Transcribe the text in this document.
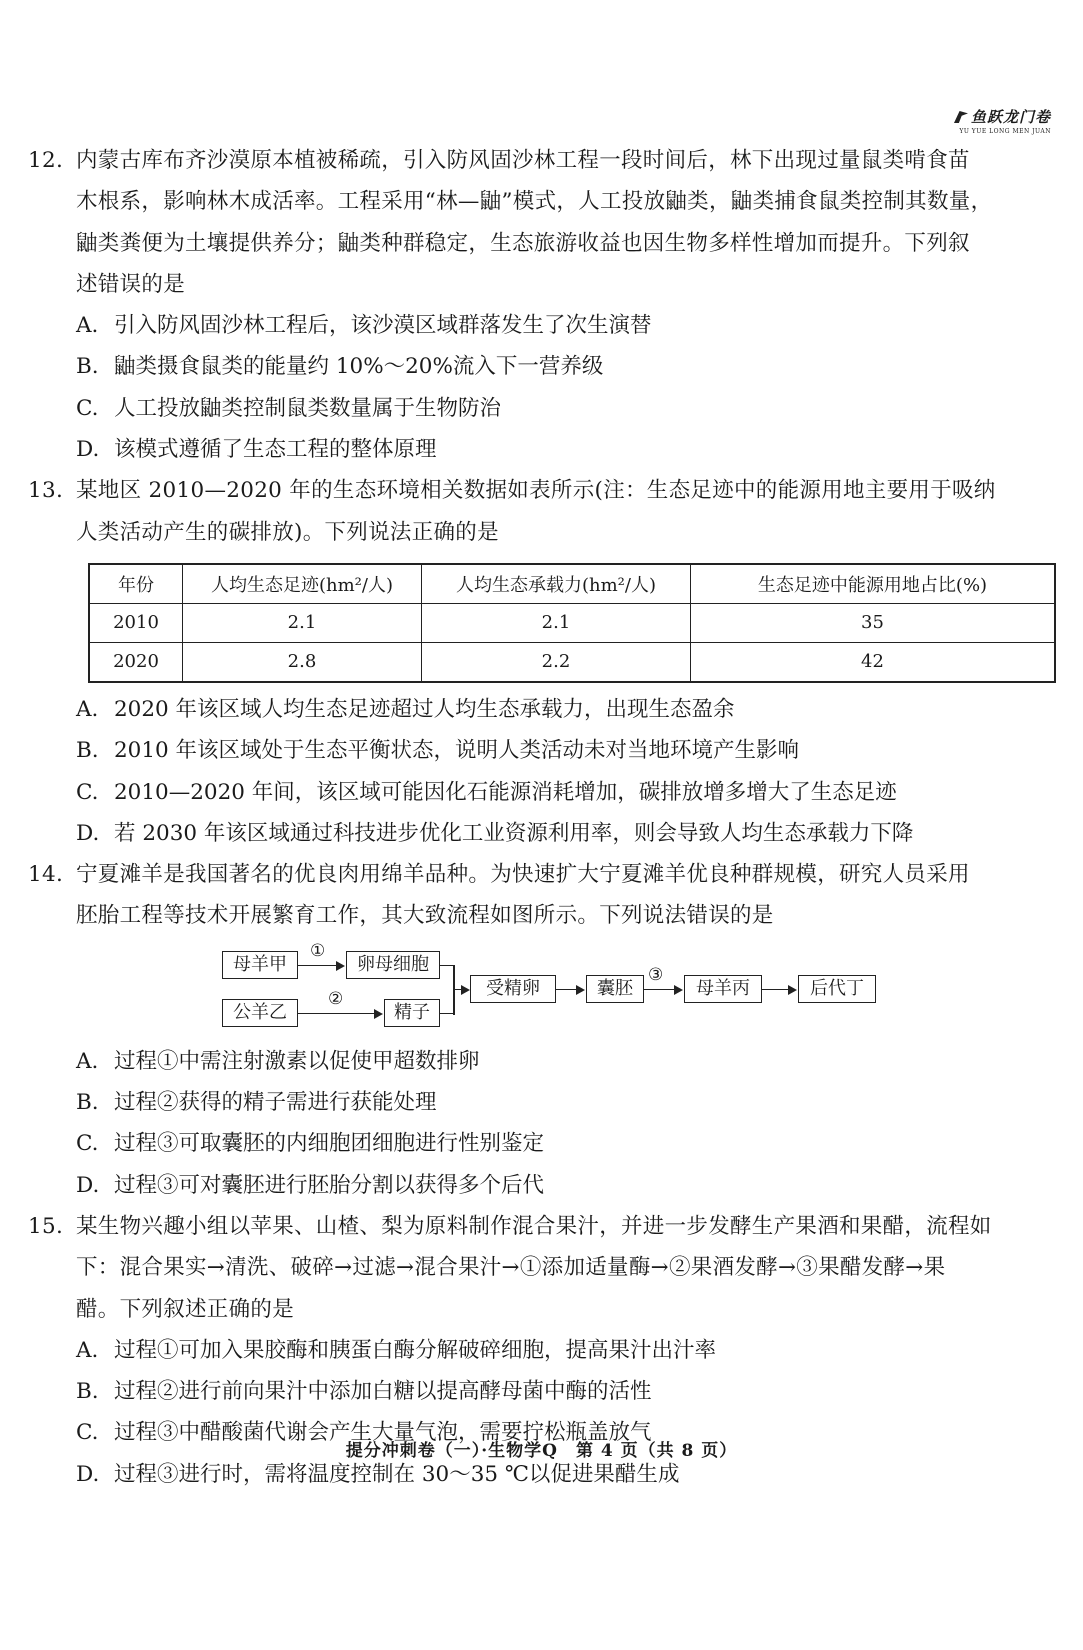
鱼跃龙门卷
YU YUE LONG MEN JUAN
12. 内蒙古库布齐沙漠原本植被稀疏，引入防风固沙林工程一段时间后，林下出现过量鼠类啃食苗
木根系，影响林木成活率。工程采用“林—鼬”模式，人工投放鼬类，鼬类捕食鼠类控制其数量，
鼬类粪便为土壤提供养分；鼬类种群稳定，生态旅游收益也因生物多样性增加而提升。下列叙
述错误的是
A. 引入防风固沙林工程后，该沙漠区域群落发生了次生演替
B. 鼬类摄食鼠类的能量约 10%～20%流入下一营养级
C. 人工投放鼬类控制鼠类数量属于生物防治
D. 该模式遵循了生态工程的整体原理
13. 某地区 2010—2020 年的生态环境相关数据如表所示(注：生态足迹中的能源用地主要用于吸纳
人类活动产生的碳排放)。下列说法正确的是
年份	人均生态足迹(hm²/人)	人均生态承载力(hm²/人)	生态足迹中能源用地占比(%)
2010	2.1	2.1	35
2020	2.8	2.2	42
A. 2020 年该区域人均生态足迹超过人均生态承载力，出现生态盈余
B. 2010 年该区域处于生态平衡状态，说明人类活动未对当地环境产生影响
C. 2010—2020 年间，该区域可能因化石能源消耗增加，碳排放增多增大了生态足迹
D. 若 2030 年该区域通过科技进步优化工业资源利用率，则会导致人均生态承载力下降
14. 宁夏滩羊是我国著名的优良肉用绵羊品种。为快速扩大宁夏滩羊优良种群规模，研究人员采用
胚胎工程等技术开展繁育工作，其大致流程如图所示。下列说法错误的是
母羊甲
①
卵母细胞
公羊乙
②
精子
受精卵	囊胚
③
母羊丙	后代丁
A. 过程①中需注射激素以促使甲超数排卵
B. 过程②获得的精子需进行获能处理
C. 过程③可取囊胚的内细胞团细胞进行性别鉴定
D. 过程③可对囊胚进行胚胎分割以获得多个后代
15. 某生物兴趣小组以苹果、山楂、梨为原料制作混合果汁，并进一步发酵生产果酒和果醋，流程如
下：混合果实→清洗、破碎→过滤→混合果汁→①添加适量酶→②果酒发酵→③果醋发酵→果
醋。下列叙述正确的是
A. 过程①可加入果胶酶和胰蛋白酶分解破碎细胞，提高果汁出汁率
B. 过程②进行前向果汁中添加白糖以提高酵母菌中酶的活性
C. 过程③中醋酸菌代谢会产生大量气泡，需要拧松瓶盖放气
D. 过程③进行时，需将温度控制在 30～35 ℃以促进果醋生成
提分冲刺卷（一）·生物学Q　第 4 页（共 8 页）
